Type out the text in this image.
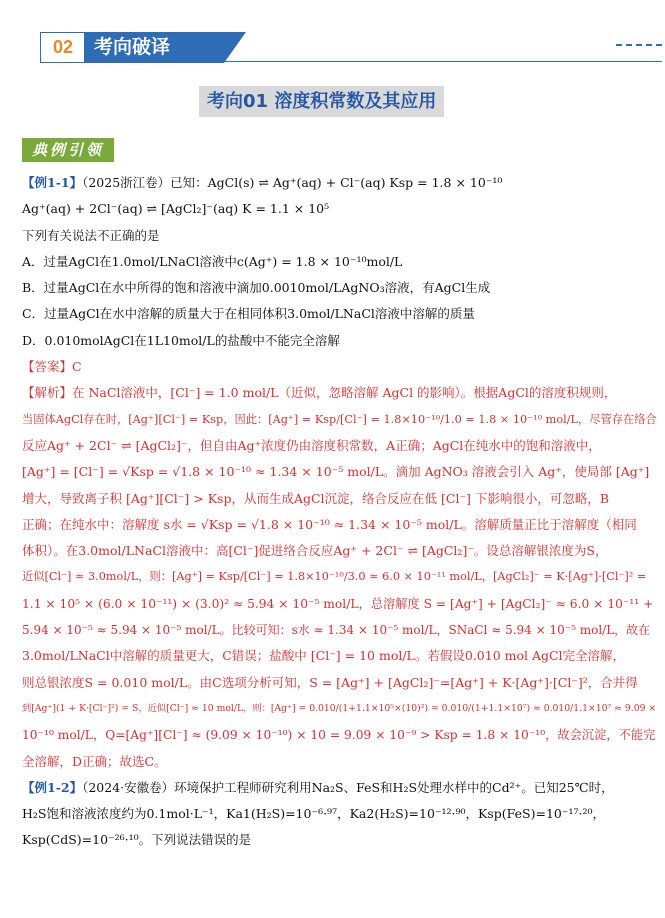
02	考向破译
考向01 溶度积常数及其应用
典例引领
【例1-1】（2025浙江卷）已知：AgCl(s) ⇌ Ag⁺(aq) + Cl⁻(aq) Ksp = 1.8 × 10⁻¹⁰
Ag⁺(aq) + 2Cl⁻(aq) ⇌ [AgCl₂]⁻(aq) K = 1.1 × 10⁵
下列有关说法不正确的是
A．过量AgCl在1.0mol/LNaCl溶液中c(Ag⁺) = 1.8 × 10⁻¹⁰mol/L
B．过量AgCl在水中所得的饱和溶液中滴加0.0010mol/LAgNO₃溶液，有AgCl生成
C．过量AgCl在水中溶解的质量大于在相同体积3.0mol/LNaCl溶液中溶解的质量
D．0.010molAgCl在1L10mol/L的盐酸中不能完全溶解
【答案】C
【解析】在 NaCl溶液中，[Cl⁻] = 1.0 mol/L（近似，忽略溶解 AgCl 的影响）。根据AgCl的溶度积规则，
当固体AgCl存在时，[Ag⁺][Cl⁻] = Ksp，因此：[Ag⁺] = Ksp/[Cl⁻] = 1.8×10⁻¹⁰/1.0 = 1.8 × 10⁻¹⁰ mol/L，尽管存在络合
反应Ag⁺ + 2Cl⁻ ⇌ [AgCl₂]⁻，但自由Ag⁺浓度仍由溶度积常数，A正确；AgCl在纯水中的饱和溶液中，
[Ag⁺] = [Cl⁻] = √Ksp = √1.8 × 10⁻¹⁰ ≈ 1.34 × 10⁻⁵ mol/L。滴加 AgNO₃ 溶液会引入 Ag⁺，使局部 [Ag⁺]
增大，导致离子积 [Ag⁺][Cl⁻] > Ksp，从而生成AgCl沉淀，络合反应在低 [Cl⁻] 下影响很小，可忽略，B
正确；在纯水中：溶解度 s水 = √Ksp = √1.8 × 10⁻¹⁰ ≈ 1.34 × 10⁻⁵ mol/L。溶解质量正比于溶解度（相同
体积）。在3.0mol/LNaCl溶液中：高[Cl⁻]促进络合反应Ag⁺ + 2Cl⁻ ⇌ [AgCl₂]⁻。设总溶解银浓度为S，
近似[Cl⁻] ≈ 3.0mol/L，则：[Ag⁺] = Ksp/[Cl⁻] = 1.8×10⁻¹⁰/3.0 ≈ 6.0 × 10⁻¹¹ mol/L，[AgCl₂]⁻ = K·[Ag⁺]·[Cl⁻]² =
1.1 × 10⁵ × (6.0 × 10⁻¹¹) × (3.0)² ≈ 5.94 × 10⁻⁵ mol/L，总溶解度 S = [Ag⁺] + [AgCl₂]⁻ ≈ 6.0 × 10⁻¹¹ +
5.94 × 10⁻⁵ ≈ 5.94 × 10⁻⁵ mol/L。比较可知：s水 ≈ 1.34 × 10⁻⁵ mol/L，SNaCl ≈ 5.94 × 10⁻⁵ mol/L，故在
3.0mol/LNaCl中溶解的质量更大，C错误；盐酸中 [Cl⁻] = 10 mol/L。若假设0.010 mol AgCl完全溶解，
则总银浓度S = 0.010 mol/L。由C选项分析可知，S = [Ag⁺] + [AgCl₂]⁻=[Ag⁺] + K·[Ag⁺]·[Cl⁻]²，合并得
到[Ag⁺](1 + K·[Cl⁻]²) = S，近似[Cl⁻] ≈ 10 mol/L，则：[Ag⁺] = 0.010/(1+1.1×10⁵×(10)²) = 0.010/(1+1.1×10⁷) ≈ 0.010/1.1×10⁷ ≈ 9.09 ×
10⁻¹⁰ mol/L，Q=[Ag⁺][Cl⁻] ≈ (9.09 × 10⁻¹⁰) × 10 = 9.09 × 10⁻⁹ > Ksp = 1.8 × 10⁻¹⁰，故会沉淀，不能完
全溶解，D正确；故选C。
【例1-2】（2024·安徽卷）环境保护工程师研究利用Na₂S、FeS和H₂S处理水样中的Cd²⁺。已知25℃时，
H₂S饱和溶液浓度约为0.1mol·L⁻¹，Ka1(H₂S)=10⁻⁶·⁹⁷，Ka2(H₂S)=10⁻¹²·⁹⁰，Ksp(FeS)=10⁻¹⁷·²⁰，
Ksp(CdS)=10⁻²⁶·¹⁰。下列说法错误的是
